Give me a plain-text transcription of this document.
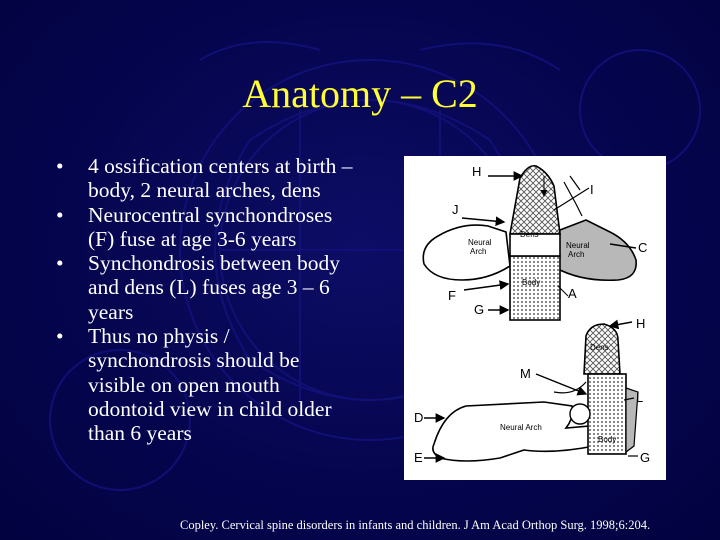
Anatomy – C2
•	4 ossification centers at birth – body, 2 neural arches, dens
•	Neurocentral synchondroses (F) fuse at age 3-6 years
•	Synchondrosis between body and dens (L) fuses age 3 – 6 years
•	Thus no physis / synchondrosis should be visible on open mouth odontoid view in child older than 6 years
H
I
J
C
F
G
A
Dens
Neural
Arch
Neural
Arch
Body
H
M
L
D
E	G
Dens
Neural Arch
Body
Copley. Cervical spine disorders in infants and children. J Am Acad Orthop Surg. 1998;6:204.
